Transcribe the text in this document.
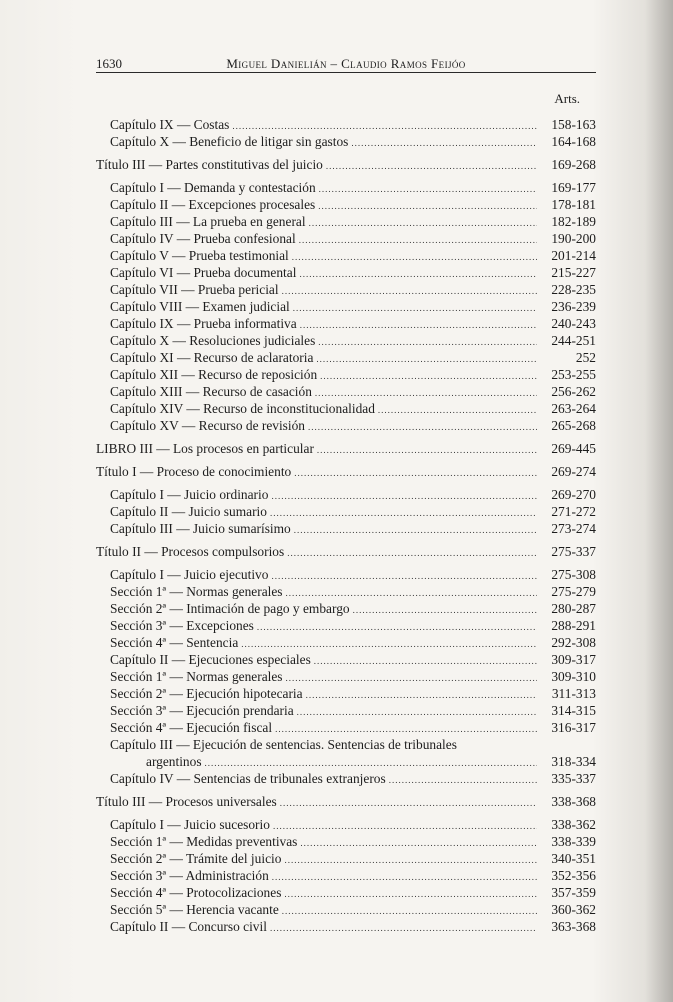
1630	Miguel Danielián – Claudio Ramos Feijóo
Arts.
Capítulo IX — Costas .....	158-163
Capítulo X — Beneficio de litigar sin gastos .....	164-168
Título III — Partes constitutivas del juicio .....	169-268
Capítulo I — Demanda y contestación .....	169-177
Capítulo II — Excepciones procesales .....	178-181
Capítulo III — La prueba en general .....	182-189
Capítulo IV — Prueba confesional .....	190-200
Capítulo V — Prueba testimonial .....	201-214
Capítulo VI — Prueba documental .....	215-227
Capítulo VII — Prueba pericial .....	228-235
Capítulo VIII — Examen judicial .....	236-239
Capítulo IX — Prueba informativa .....	240-243
Capítulo X — Resoluciones judiciales .....	244-251
Capítulo XI — Recurso de aclaratoria .....	252
Capítulo XII — Recurso de reposición .....	253-255
Capítulo XIII — Recurso de casación .....	256-262
Capítulo XIV — Recurso de inconstitucionalidad .....	263-264
Capítulo XV — Recurso de revisión .....	265-268
LIBRO III — Los procesos en particular .....	269-445
Título I — Proceso de conocimiento .....	269-274
Capítulo I — Juicio ordinario .....	269-270
Capítulo II — Juicio sumario .....	271-272
Capítulo III — Juicio sumarísimo .....	273-274
Título II — Procesos compulsorios .....	275-337
Capítulo I — Juicio ejecutivo .....	275-308
Sección 1ª — Normas generales .....	275-279
Sección 2ª — Intimación de pago y embargo .....	280-287
Sección 3ª — Excepciones .....	288-291
Sección 4ª — Sentencia .....	292-308
Capítulo II — Ejecuciones especiales .....	309-317
Sección 1ª — Normas generales .....	309-310
Sección 2ª — Ejecución hipotecaria .....	311-313
Sección 3ª — Ejecución prendaria .....	314-315
Sección 4ª — Ejecución fiscal .....	316-317
Capítulo III — Ejecución de sentencias. Sentencias de tribunales
argentinos .....	318-334
Capítulo IV — Sentencias de tribunales extranjeros .....	335-337
Título III — Procesos universales .....	338-368
Capítulo I — Juicio sucesorio .....	338-362
Sección 1ª — Medidas preventivas .....	338-339
Sección 2ª — Trámite del juicio .....	340-351
Sección 3ª — Administración .....	352-356
Sección 4ª — Protocolizaciones .....	357-359
Sección 5ª — Herencia vacante .....	360-362
Capítulo II — Concurso civil .....	363-368
